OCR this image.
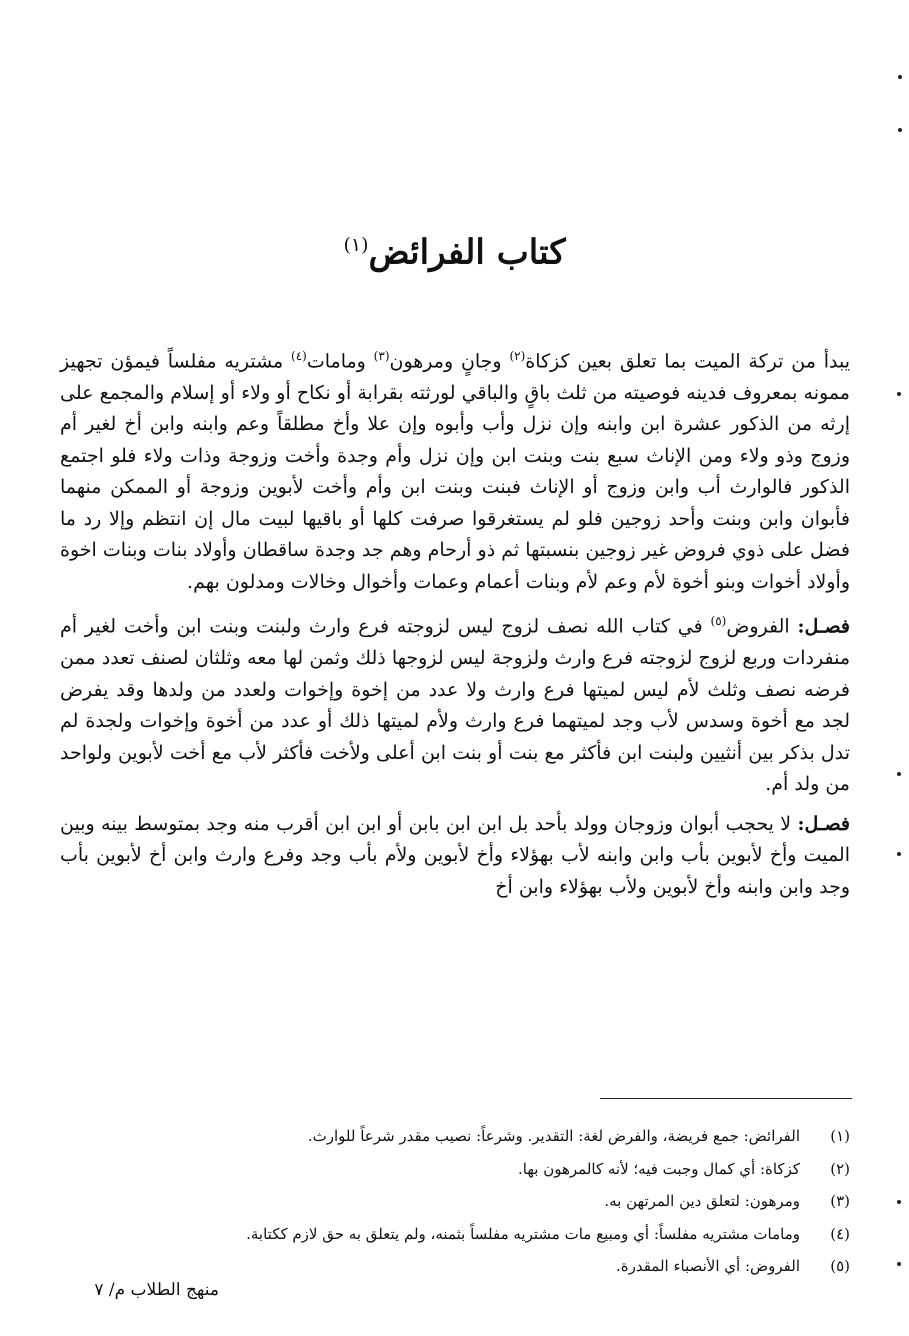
كتاب الفرائض$^{(١)}$

يبدأ من تركة الميت بما تعلق بعين كزكاة$^{(٢)}$ وجانٍ ومرهون$^{(٣)}$ ومامات$^{(٤)}$ مشتريه مفلساً فيمؤن تجهيز ممونه بمعروف فدينه فوصيته من ثلث باقٍ والباقي لورثته بقرابة أو نكاح أو ولاء أو إسلام والمجمع على إرثه من الذكور عشرة ابن وابنه وإن نزل وأب وأبوه وإن علا وأخ مطلقاً وعم وابنه وابن أخ لغير أم وزوج وذو ولاء ومن الإناث سبع بنت وبنت ابن وإن نزل وأم وجدة وأخت وزوجة وذات ولاء فلو اجتمع الذكور فالوارث أب وابن وزوج أو الإناث فبنت وبنت ابن وأم وأخت لأبوين وزوجة أو الممكن منهما فأبوان وابن وبنت وأحد زوجين فلو لم يستغرقوا صرفت كلها أو باقيها لبيت مال إن انتظم وإلا رد ما فضل على ذوي فروض غير زوجين بنسبتها ثم ذو أرحام وهم جد وجدة ساقطان وأولاد بنات وبنات اخوة وأولاد أخوات وبنو أخوة لأم وعم لأم وبنات أعمام وعمات وأخوال وخالات ومدلون بهم.

فصـل: الفروض$^{(٥)}$ في كتاب الله نصف لزوج ليس لزوجته فرع وارث ولبنت وبنت ابن وأخت لغير أم منفردات وربع لزوج لزوجته فرع وارث ولزوجة ليس لزوجها ذلك وثمن لها معه وثلثان لصنف تعدد ممن فرضه نصف وثلث لأم ليس لميتها فرع وارث ولا عدد من إخوة وإخوات ولعدد من ولدها وقد يفرض لجد مع أخوة وسدس لأب وجد لميتهما فرع وارث ولأم لميتها ذلك أو عدد من أخوة وإخوات ولجدة لم تدل بذكر بين أنثيين ولبنت ابن فأكثر مع بنت أو بنت ابن أعلى ولأخت فأكثر لأب مع أخت لأبوين ولواحد من ولد أم.

فصـل: لا يحجب أبوان وزوجان وولد بأحد بل ابن ابن بابن أو ابن ابن أقرب منه وجد بمتوسط بينه وبين الميت وأخ لأبوين بأب وابن وابنه لأب بهؤلاء وأخ لأبوين ولأم بأب وجد وفرع وارث وابن أخ لأبوين بأب وجد وابن وابنه وأخ لأبوين ولأب بهؤلاء وابن أخ

(١)الفرائض: جمع فريضة، والفرض لغة: التقدير. وشرعاً: نصيب مقدر شرعاً للوارث.
(٢)كزكاة: أي كمال وجبت فيه؛ لأنه كالمرهون بها.
(٣)ومرهون: لتعلق دين المرتهن به.
(٤)ومامات مشتريه مفلساً: أي ومبيع مات مشتريه مفلساً بثمنه، ولم يتعلق به حق لازم ككتابة.
(٥)الفروض: أي الأنصباء المقدرة.
منهج الطلاب م/ ٧
